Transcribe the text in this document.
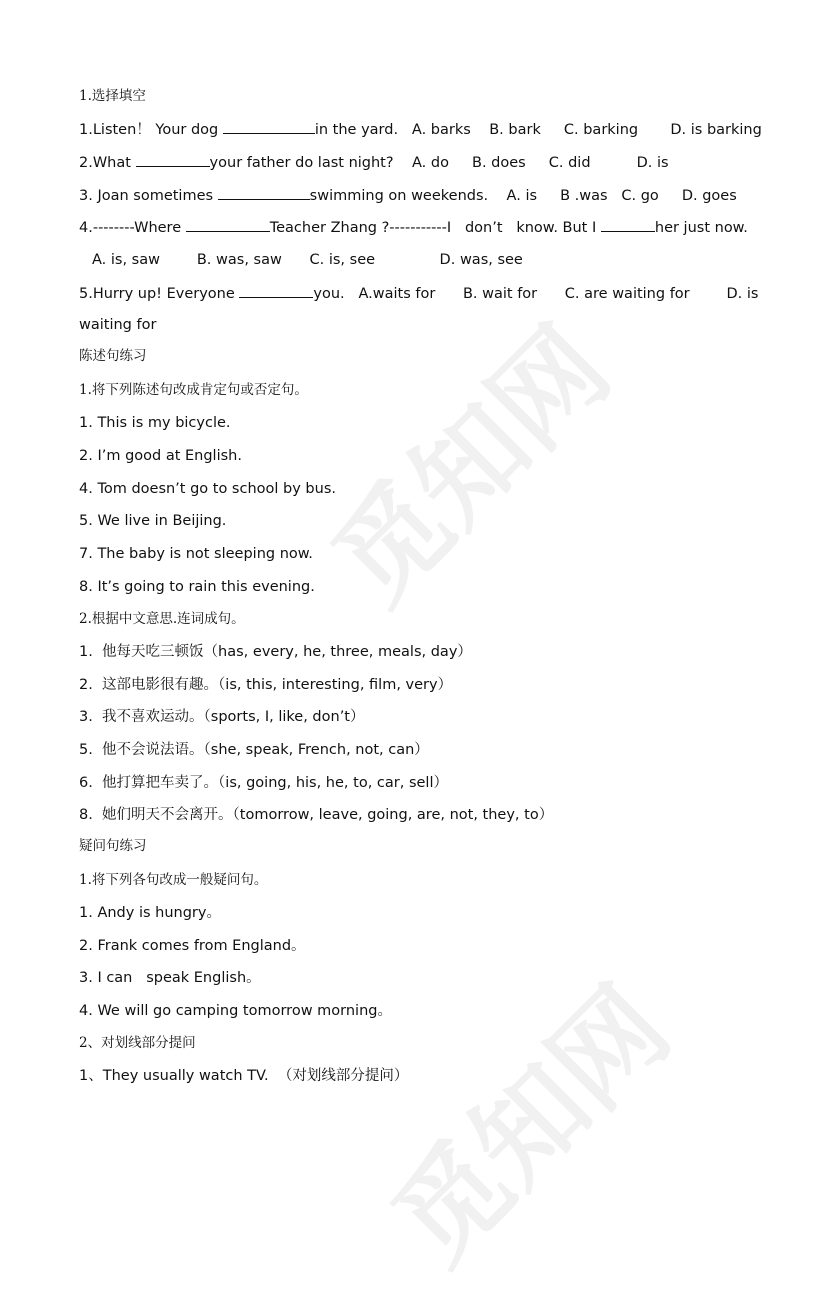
觅知网
觅知网
1.选择填空
1.Listen！ Your dog	in the yard.   A. barks    B. bark     C. barking       D. is barking
2.What	your father do last night?    A. do     B. does     C. did          D. is
3. Joan sometimes	swimming on weekends.    A. is     B .was   C. go     D. goes
4.--------Where	Teacher Zhang ?-----------I   don’t   know. But I	her just now.
A. is, saw        B. was, saw      C. is, see              D. was, see
5.Hurry up! Everyone	you.   A.waits for      B. wait for      C. are waiting for        D. is
waiting for
陈述句练习
1.将下列陈述句改成肯定句或否定句。
1. This is my bicycle.
2. I’m good at English.
4. Tom doesn’t go to school by bus.
5. We live in Beijing.
7. The baby is not sleeping now.
8. It’s going to rain this evening.
2.根据中文意思.连词成句。
1.  他每天吃三顿饭（has, every, he, three, meals, day）
2.  这部电影很有趣。（is, this, interesting, film, very）
3.  我不喜欢运动。（sports, I, like, don’t）
5.  他不会说法语。（she, speak, French, not, can）
6.  他打算把车卖了。（is, going, his, he, to, car, sell）
8.  她们明天不会离开。（tomorrow, leave, going, are, not, they, to）
疑问句练习
1.将下列各句改成一般疑问句。
1. Andy is hungry。
2. Frank comes from England。
3. I can   speak English。
4. We will go camping tomorrow morning。
2、对划线部分提问
1、They usually watch TV.  （对划线部分提问）
